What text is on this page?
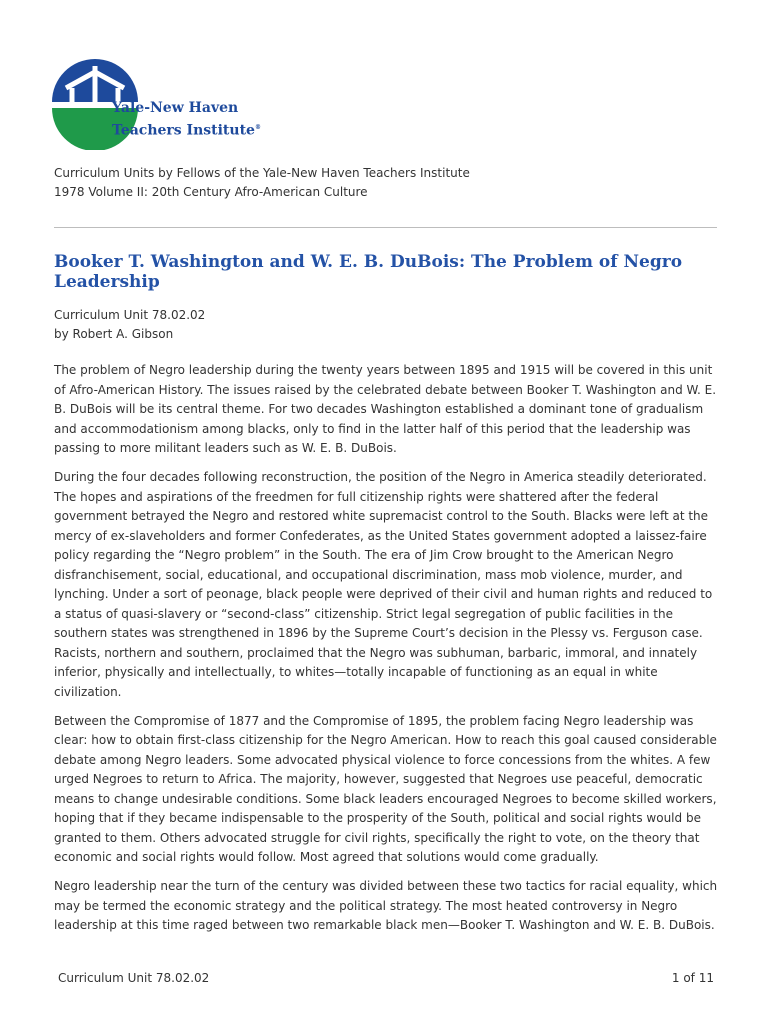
Yale-New Haven
Teachers Institute®
Curriculum Units by Fellows of the Yale-New Haven Teachers Institute
1978 Volume II: 20th Century Afro-American Culture
Booker T. Washington and W. E. B. DuBois: The Problem of Negro Leadership
Curriculum Unit 78.02.02
by Robert A. Gibson

The problem of Negro leadership during the twenty years between 1895 and 1915 will be covered in this unit of Afro-American History. The issues raised by the celebrated debate between Booker T. Washington and W. E. B. DuBois will be its central theme. For two decades Washington established a dominant tone of gradualism and accommodationism among blacks, only to find in the latter half of this period that the leadership was passing to more militant leaders such as W. E. B. DuBois.

During the four decades following reconstruction, the position of the Negro in America steadily deteriorated. The hopes and aspirations of the freedmen for full citizenship rights were shattered after the federal government betrayed the Negro and restored white supremacist control to the South. Blacks were left at the mercy of ex-slaveholders and former Confederates, as the United States government adopted a laissez-faire policy regarding the “Negro problem” in the South. The era of Jim Crow brought to the American Negro disfranchisement, social, educational, and occupational discrimination, mass mob violence, murder, and lynching. Under a sort of peonage, black people were deprived of their civil and human rights and reduced to a status of quasi-slavery or “second-class” citizenship. Strict legal segregation of public facilities in the southern states was strengthened in 1896 by the Supreme Court’s decision in the Plessy vs. Ferguson case. Racists, northern and southern, proclaimed that the Negro was subhuman, barbaric, immoral, and innately inferior, physically and intellectually, to whites—totally incapable of functioning as an equal in white civilization.

Between the Compromise of 1877 and the Compromise of 1895, the problem facing Negro leadership was clear: how to obtain first-class citizenship for the Negro American. How to reach this goal caused considerable debate among Negro leaders. Some advocated physical violence to force concessions from the whites. A few urged Negroes to return to Africa. The majority, however, suggested that Negroes use peaceful, democratic means to change undesirable conditions. Some black leaders encouraged Negroes to become skilled workers, hoping that if they became indispensable to the prosperity of the South, political and social rights would be granted to them. Others advocated struggle for civil rights, specifically the right to vote, on the theory that economic and social rights would follow. Most agreed that solutions would come gradually.

Negro leadership near the turn of the century was divided between these two tactics for racial equality, which may be termed the economic strategy and the political strategy. The most heated controversy in Negro leadership at this time raged between two remarkable black men—Booker T. Washington and W. E. B. DuBois.

Curriculum Unit 78.02.02	1 of 11
